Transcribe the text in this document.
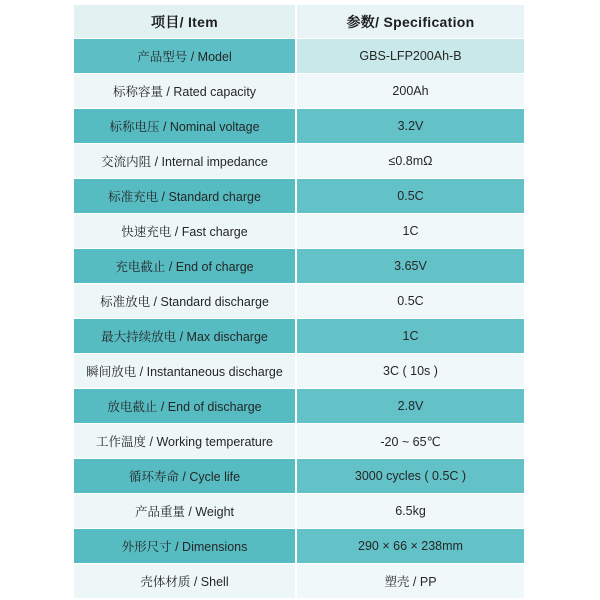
项目/ Item	参数/ Specification
产品型号 / Model	GBS-LFP200Ah-B
标称容量 / Rated capacity	200Ah
标称电压 / Nominal voltage	3.2V
交流内阻 / Internal impedance	≤0.8mΩ
标准充电 / Standard charge	0.5C
快速充电 / Fast charge	1C
充电截止 / End of charge	3.65V
标准放电 / Standard discharge	0.5C
最大持续放电 / Max discharge	1C
瞬间放电 / Instantaneous discharge	3C ( 10s )
放电截止 / End of discharge	2.8V
工作温度 / Working temperature	-20 ~ 65℃
循环寿命 / Cycle life	3000 cycles ( 0.5C )
产品重量 / Weight	6.5kg
外形尺寸 / Dimensions	290 × 66 × 238mm
壳体材质 / Shell	塑壳 / PP
